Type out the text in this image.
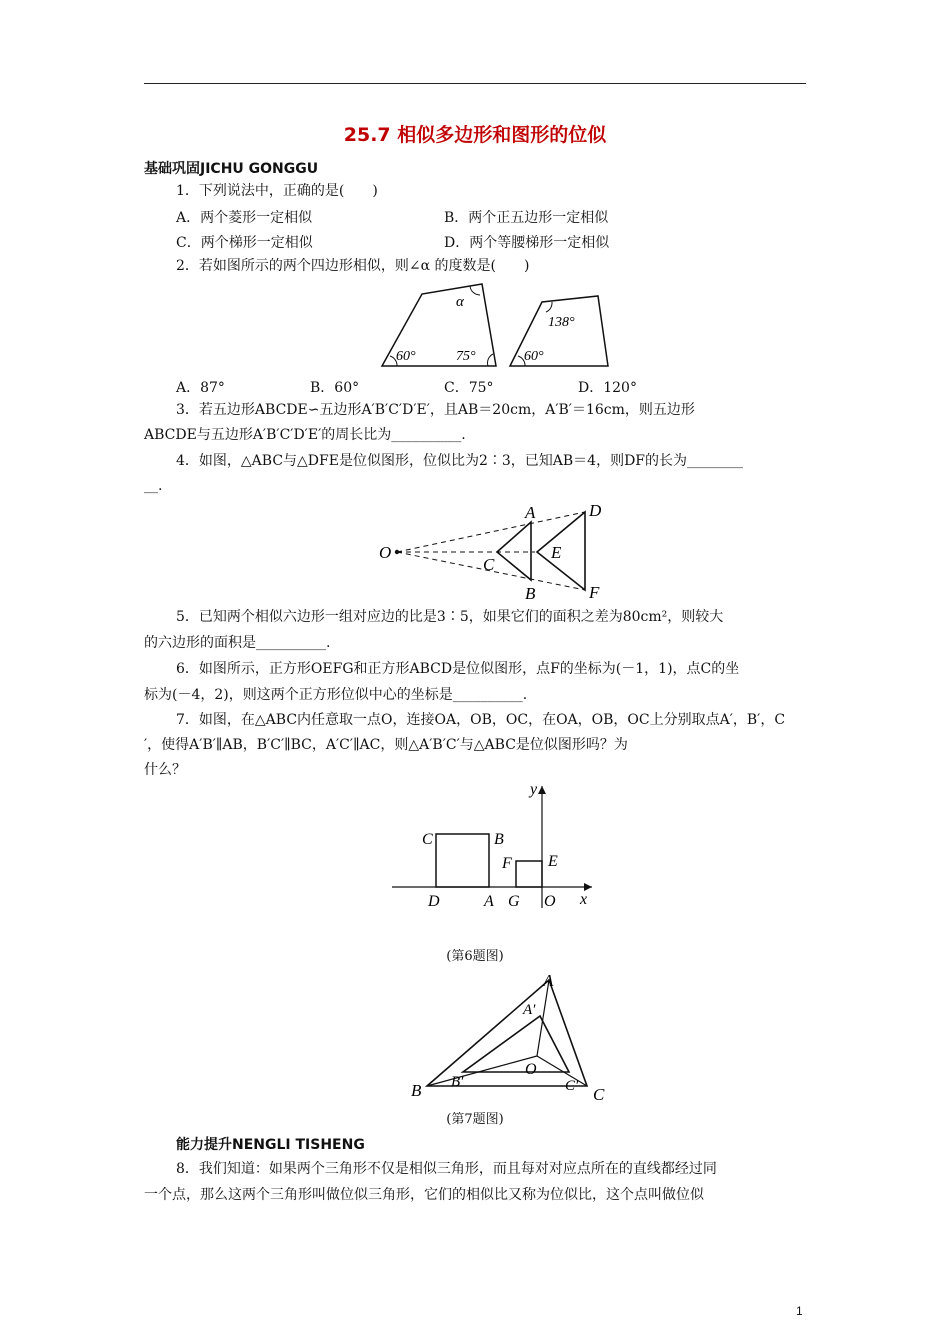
25.7 相似多边形和图形的位似
基础巩固JICHU GONGGU
1．下列说法中，正确的是(　　)
A．两个菱形一定相似	B．两个正五边形一定相似
C．两个梯形一定相似	D．两个等腰梯形一定相似
2．若如图所示的两个四边形相似，则∠α 的度数是(　　)
α
60°	75°
138°
60°
A．87°	B．60°	C．75°	D．120°
3．若五边形ABCDE∽五边形A′B′C′D′E′，且AB＝20cm，A′B′＝16cm，则五边形
ABCDE与五边形A′B′C′D′E′的周长比为__________.
4．如图，△ABC与△DFE是位似图形，位似比为2∶3，已知AB＝4，则DF的长为________
__.
O
A
B
C
D
E
F
5．已知两个相似六边形一组对应边的比是3∶5，如果它们的面积之差为80cm²，则较大
的六边形的面积是__________.
6．如图所示，正方形OEFG和正方形ABCD是位似图形，点F的坐标为(－1，1)，点C的坐
标为(－4，2)，则这两个正方形位似中心的坐标是__________.
7．如图，在△ABC内任意取一点O，连接OA，OB，OC，在OA，OB，OC上分别取点A′，B′，C
′，使得A′B′∥AB，B′C′∥BC，A′C′∥AC，则△A′B′C′与△ABC是位似图形吗？为
什么？
y
x
C	B
F E
D	A G O
(第6题图)
A
A′
B B′
C
C′
O
(第7题图)
能力提升NENGLI TISHENG
8．我们知道：如果两个三角形不仅是相似三角形，而且每对对应点所在的直线都经过同
一个点，那么这两个三角形叫做位似三角形，它们的相似比又称为位似比，这个点叫做位似
1
